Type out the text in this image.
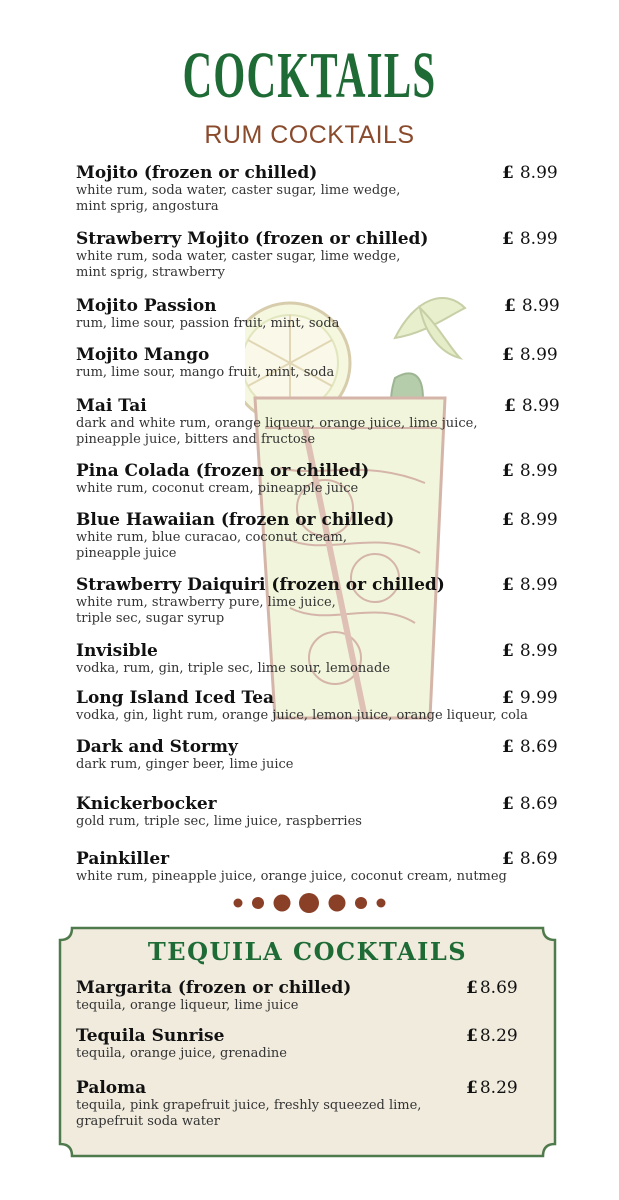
COCKTAILS
RUM COCKTAILS
Mojito (frozen or chilled)
white rum, soda water, caster sugar, lime wedge,
mint sprig, angostura
£ 8.99
Strawberry Mojito (frozen or chilled)
white rum, soda water, caster sugar, lime wedge,
mint sprig, strawberry
£ 8.99
Mojito Passion
rum, lime sour, passion fruit, mint, soda
£ 8.99
Mojito Mango
rum, lime sour, mango fruit, mint, soda
£ 8.99
Mai Tai
dark and white rum, orange liqueur, orange juice, lime juice,
pineapple juice, bitters and fructose
£ 8.99
Pina Colada (frozen or chilled)
white rum, coconut cream, pineapple juice
£ 8.99
Blue Hawaiian (frozen or chilled)
white rum, blue curacao, coconut cream,
pineapple juice
£ 8.99
Strawberry Daiquiri (frozen or chilled)
white rum, strawberry pure, lime juice,
triple sec, sugar syrup
£ 8.99
Invisible
vodka, rum, gin, triple sec, lime sour, lemonade
£ 8.99
Long Island Iced Tea
vodka, gin, light rum, orange juice, lemon juice, orange liqueur, cola
£ 9.99
Dark and Stormy
dark rum, ginger beer, lime juice
£ 8.69
Knickerbocker
gold rum, triple sec, lime juice, raspberries
£ 8.69
Painkiller
white rum, pineapple juice, orange juice, coconut cream, nutmeg
£ 8.69
TEQUILA COCKTAILS
Margarita (frozen or chilled)
tequila, orange liqueur, lime juice
£ 8.69
Tequila Sunrise
tequila, orange juice, grenadine
£ 8.29
Paloma
tequila, pink grapefruit juice, freshly squeezed lime,
grapefruit soda water
£ 8.29
